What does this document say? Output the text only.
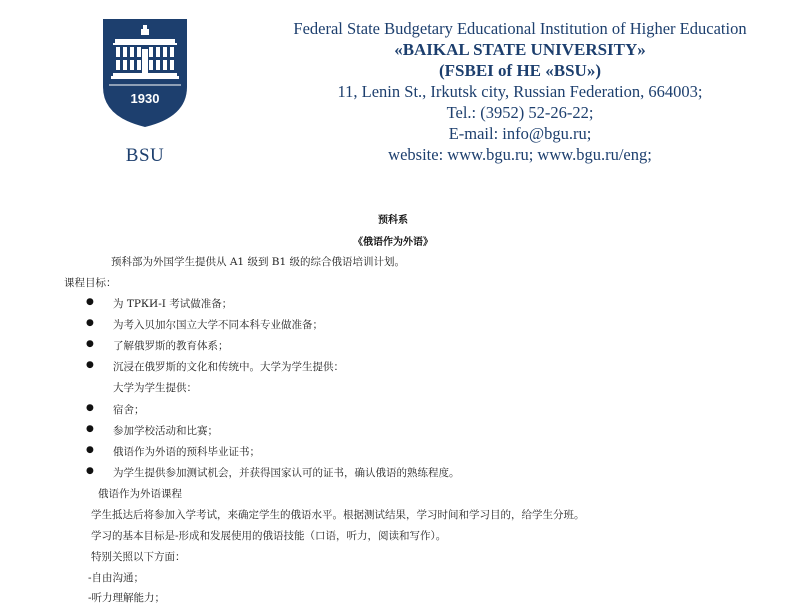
1930
BSU
Federal State Budgetary Educational Institution of Higher Education
«BAIKAL STATE UNIVERSITY»
(FSBEI of HE «BSU»)
11, Lenin St., Irkutsk city, Russian Federation, 664003;
Tel.: (3952) 52-26-22;
E-mail: info@bgu.ru;
website: www.bgu.ru; www.bgu.ru/eng;
预科系
《俄语作为外语》
预科部为外国学生提供从 A1 级到 B1 级的综合俄语培训计划。
课程目标：
● 为 ТРКИ-I 考试做准备；
● 为考入贝加尔国立大学不同本科专业做准备；
● 了解俄罗斯的教育体系；
● 沉浸在俄罗斯的文化和传统中。大学为学生提供：
大学为学生提供：
● 宿舍；
● 参加学校活动和比赛；
● 俄语作为外语的预科毕业证书；
● 为学生提供参加测试机会，并获得国家认可的证书，确认俄语的熟练程度。
俄语作为外语课程
学生抵达后将参加入学考试，来确定学生的俄语水平。根据测试结果，学习时间和学习目的，给学生分班。
学习的基本目标是-形成和发展使用的俄语技能（口语，听力，阅读和写作）。
特别关照以下方面：
-自由沟通；
-听力理解能力；
